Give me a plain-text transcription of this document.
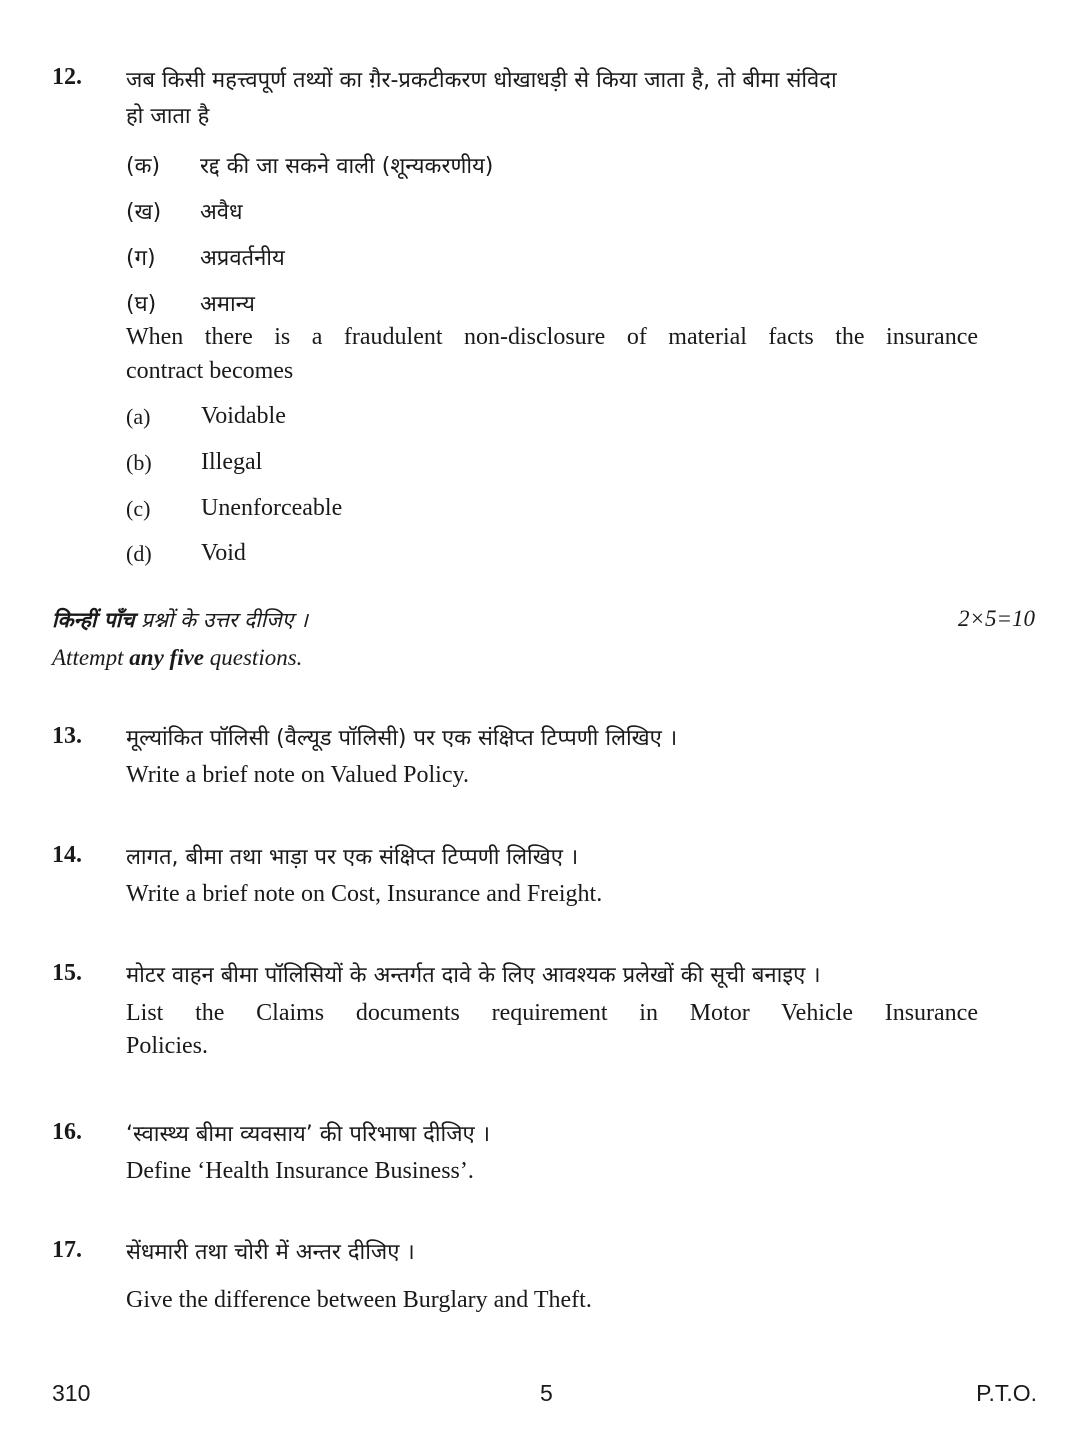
12. जब किसी महत्त्वपूर्ण तथ्यों का ग़ैर-प्रकटीकरण धोखाधड़ी से किया जाता है, तो बीमा संविदा
हो जाता है
(क) रद्द की जा सकने वाली (शून्यकरणीय)
(ख) अवैध
(ग) अप्रवर्तनीय
(घ) अमान्य
When there is a fraudulent non-disclosure of material facts the insurance
contract becomes
(a) Voidable
(b) Illegal
(c) Unenforceable
(d) Void
किन्हीं पाँच प्रश्नों के उत्तर दीजिए ।	2×5=10
Attempt any five questions.
13. मूल्यांकित पॉलिसी (वैल्यूड पॉलिसी) पर एक संक्षिप्त टिप्पणी लिखिए ।
Write a brief note on Valued Policy.
14. लागत, बीमा तथा भाड़ा पर एक संक्षिप्त टिप्पणी लिखिए ।
Write a brief note on Cost, Insurance and Freight.
15. मोटर वाहन बीमा पॉलिसियों के अन्तर्गत दावे के लिए आवश्यक प्रलेखों की सूची बनाइए ।
List the Claims documents requirement in Motor Vehicle Insurance
Policies.
16. ‘स्वास्थ्य बीमा व्यवसाय’ की परिभाषा दीजिए ।
Define ‘Health Insurance Business’.
17. सेंधमारी तथा चोरी में अन्तर दीजिए ।
Give the difference between Burglary and Theft.
310	5	P.T.O.
